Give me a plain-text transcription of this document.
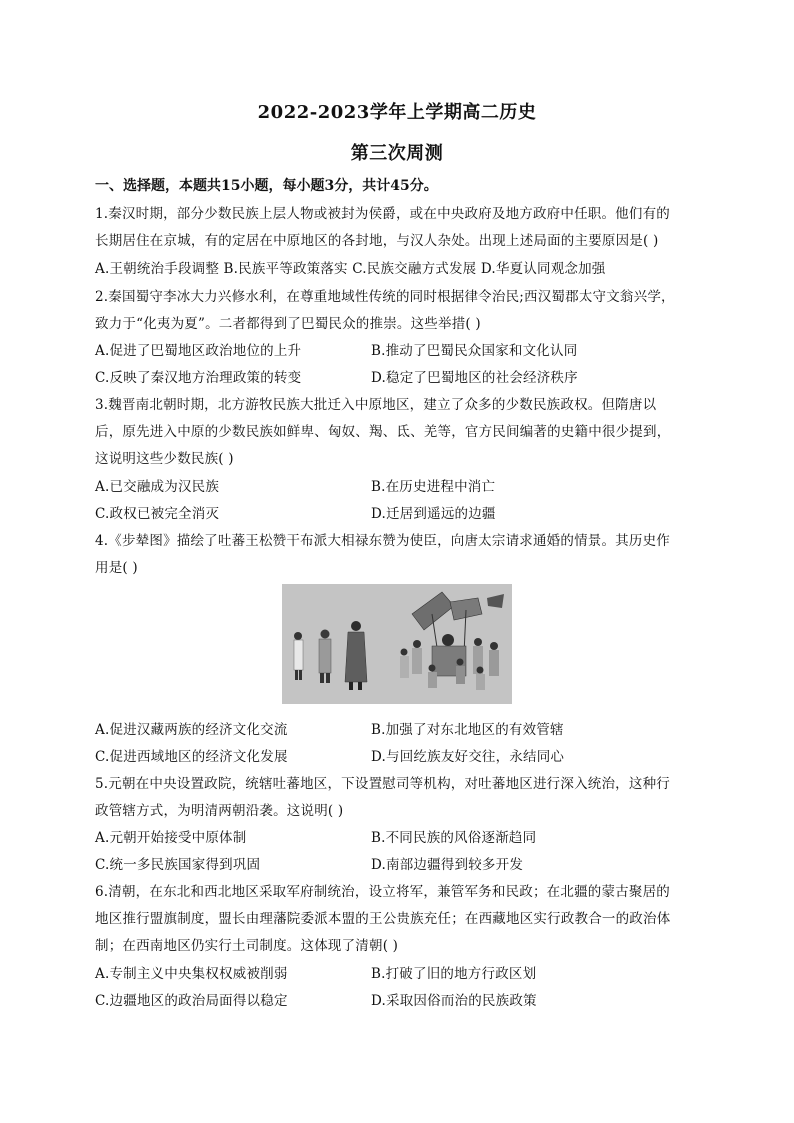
2022-2023学年上学期高二历史
第三次周测
一、选择题，本题共15小题，每小题3分，共计45分。
1.秦汉时期，部分少数民族上层人物或被封为侯爵，或在中央政府及地方政府中任职。他们有的
长期居住在京城，有的定居在中原地区的各封地，与汉人杂处。出现上述局面的主要原因是( )
A.王朝统治手段调整 B.民族平等政策落实 C.民族交融方式发展 D.华夏认同观念加强
2.秦国蜀守李冰大力兴修水利，在尊重地域性传统的同时根据律令治民;西汉蜀郡太守文翁兴学，
致力于“化夷为夏”。二者都得到了巴蜀民众的推崇。这些举措( )
A.促进了巴蜀地区政治地位的上升	B.推动了巴蜀民众国家和文化认同
C.反映了秦汉地方治理政策的转变	D.稳定了巴蜀地区的社会经济秩序
3.魏晋南北朝时期，北方游牧民族大批迁入中原地区，建立了众多的少数民族政权。但隋唐以
后，原先进入中原的少数民族如鲜卑、匈奴、羯、氐、羌等，官方民间编著的史籍中很少提到，
这说明这些少数民族( )
A.已交融成为汉民族	B.在历史进程中消亡
C.政权已被完全消灭	D.迁居到遥远的边疆
4.《步辇图》描绘了吐蕃王松赞干布派大相禄东赞为使臣，向唐太宗请求通婚的情景。其历史作
用是( )
A.促进汉藏两族的经济文化交流	B.加强了对东北地区的有效管辖
C.促进西域地区的经济文化发展	D.与回纥族友好交往，永结同心
5.元朝在中央设置政院，统辖吐蕃地区，下设置慰司等机构，对吐蕃地区进行深入统治，这种行
政管辖方式，为明清两朝沿袭。这说明( )
A.元朝开始接受中原体制	B.不同民族的风俗逐渐趋同
C.统一多民族国家得到巩固	D.南部边疆得到较多开发
6.清朝，在东北和西北地区采取军府制统治，设立将军，兼管军务和民政；在北疆的蒙古聚居的
地区推行盟旗制度，盟长由理藩院委派本盟的王公贵族充任；在西藏地区实行政教合一的政治体
制；在西南地区仍实行土司制度。这体现了清朝( )
A.专制主义中央集权权威被削弱	B.打破了旧的地方行政区划
C.边疆地区的政治局面得以稳定	D.采取因俗而治的民族政策
